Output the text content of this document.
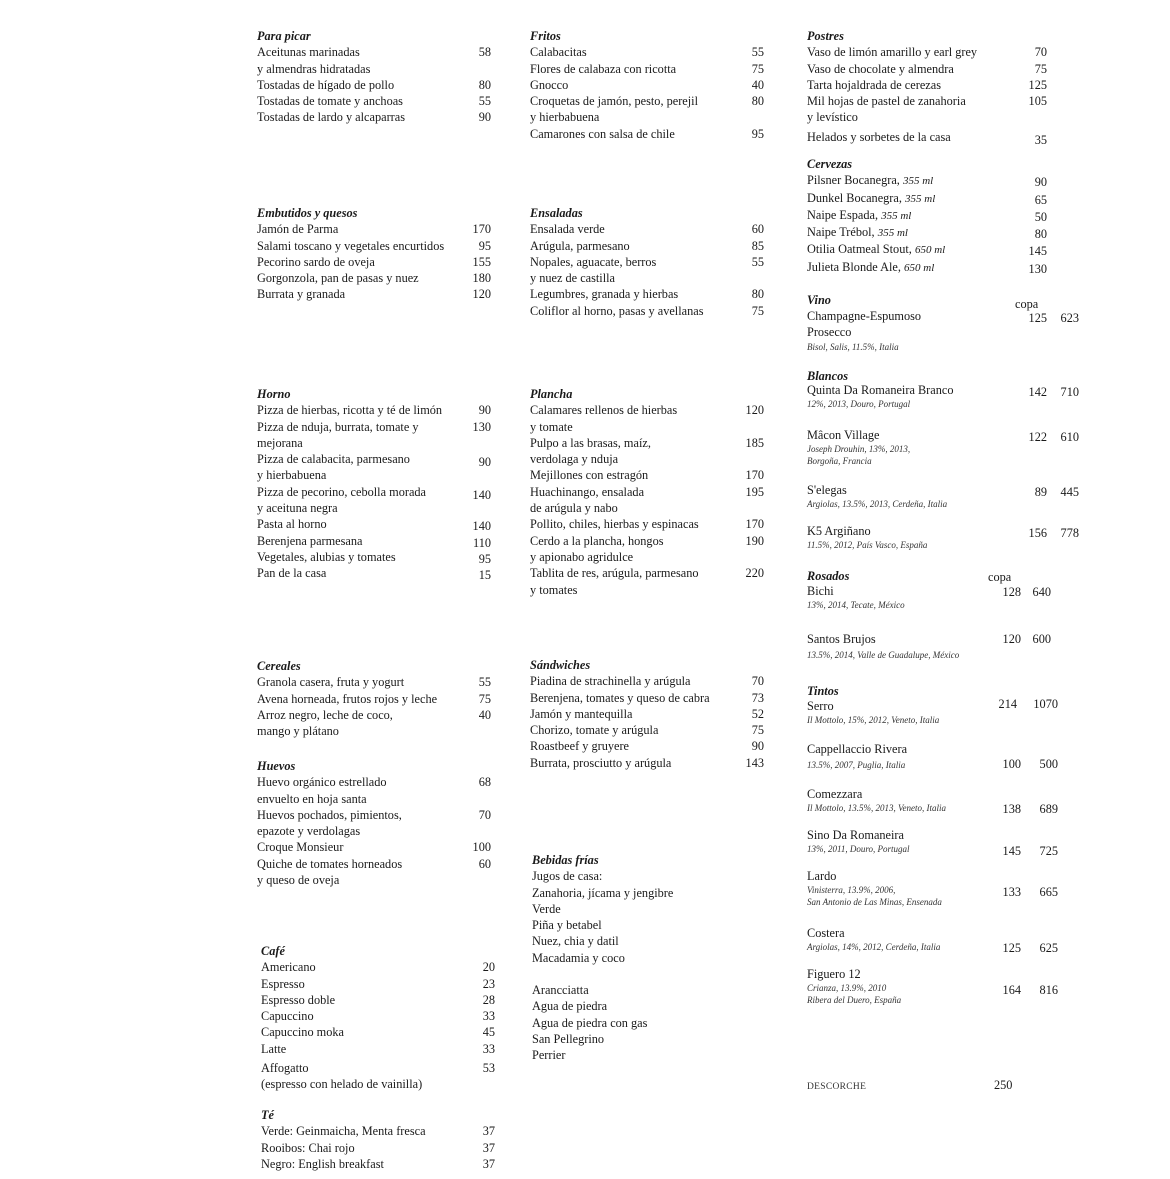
Para picar
Aceitunas marinadas	58
y almendras hidratadas
Tostadas de hígado de pollo	80
Tostadas de tomate y anchoas	55
Tostadas de lardo y alcaparras	90
Embutidos y quesos
Jamón de Parma	170
Salami toscano y vegetales encurtidos	95
Pecorino sardo de oveja	155
Gorgonzola, pan de pasas y nuez	180
Burrata y granada	120
Horno
Pizza de hierbas, ricotta y té de limón	90
Pizza de nduja, burrata, tomate y	130
mejorana
Pizza de calabacita, parmesano	90
y hierbabuena
Pizza de pecorino, cebolla morada	140
y aceituna negra
Pasta al horno	140
Berenjena parmesana	110
Vegetales, alubias y tomates	95
Pan de la casa	15
Cereales
Granola casera, fruta y yogurt	55
Avena horneada, frutos rojos y leche	75
Arroz negro, leche de coco,	40
mango y plátano
Huevos
Huevo orgánico estrellado	68
envuelto en hoja santa
Huevos pochados, pimientos,	70
epazote y verdolagas
Croque Monsieur	100
Quiche de tomates horneados	60
y queso de oveja
Café
Americano	20
Espresso	23
Espresso doble	28
Capuccino	33
Capuccino moka	45
Latte	33
Affogatto	53
(espresso con helado de vainilla)
Té
Verde: Geinmaicha, Menta fresca	37
Rooibos: Chai rojo	37
Negro: English breakfast	37
Fritos
Calabacitas	55
Flores de calabaza con ricotta	75
Gnocco	40
Croquetas de jamón, pesto, perejil	80
y hierbabuena
Camarones con salsa de chile	95
Ensaladas
Ensalada verde	60
Arúgula, parmesano	85
Nopales, aguacate, berros	55
y nuez de castilla
Legumbres, granada y hierbas	80
Coliflor al horno, pasas y avellanas	75
Plancha
Calamares rellenos de hierbas	120
y tomate
Pulpo a las brasas, maíz,	185
verdolaga y nduja
Mejillones con estragón	170
Huachinango, ensalada	195
de arúgula y nabo
Pollito, chiles, hierbas y espinacas	170
Cerdo a la plancha, hongos	190
y apionabo agridulce
Tablita de res, arúgula, parmesano	220
y tomates
Sándwiches
Piadina de strachinella y arúgula	70
Berenjena, tomates y queso de cabra	73
Jamón y mantequilla	52
Chorizo, tomate y arúgula	75
Roastbeef y gruyere	90
Burrata, prosciutto y arúgula	143
Bebidas frías
Jugos de casa:
Zanahoria, jícama y jengibre
Verde
Piña y betabel
Nuez, chia y datil
Macadamia y coco
Arancciatta
Agua de piedra
Agua de piedra con gas
San Pellegrino
Perrier
Postres
Vaso de limón amarillo y earl grey	70
Vaso de chocolate y almendra	75
Tarta hojaldrada de cerezas	125
Mil hojas de pastel de zanahoria	105
y levístico
Helados y sorbetes de la casa	35
Cervezas
Pilsner Bocanegra, 355 ml	90
Dunkel Bocanegra, 355 ml	65
Naipe Espada, 355 ml	50
Naipe Trébol, 355 ml	80
Otilia Oatmeal Stout, 650 ml	145
Julieta Blonde Ale, 650 ml	130
Vino	copa
Champagne-Espumoso
Prosecco
Bisol, Salis, 11.5%, Italia
125	623
Blancos
Quinta Da Romaneira Branco
12%, 2013, Douro, Portugal
142	710
Mâcon Village
Joseph Drouhin, 13%, 2013,
Borgoña, Francia
122	610
S'elegas
Argiolas, 13.5%, 2013, Cerdeña, Italia
89	445
K5 Argiñano
11.5%, 2012, País Vasco, España
156	778
Rosados	copa
Bichi
13%, 2014, Tecate, México
128 640
Santos Brujos
13.5%, 2014, Valle de Guadalupe, México
120 600
Tintos
Serro
Il Mottolo, 15%, 2012, Veneto, Italia
214	1070
Cappellaccio Rivera
13.5%, 2007, Puglia, Italia	100	500
Comezzara
Il Mottolo, 13.5%, 2013, Veneto, Italia	138	689
Sino Da Romaneira
13%, 2011, Douro, Portugal	145	725
Lardo
Vinisterra, 13.9%, 2006,
San Antonio de Las Minas, Ensenada
133	665
Costera
Argiolas, 14%, 2012, Cerdeña, Italia	125	625
Figuero 12
Crianza, 13.9%, 2010
Ribera del Duero, España
164	816
DESCORCHE	250
